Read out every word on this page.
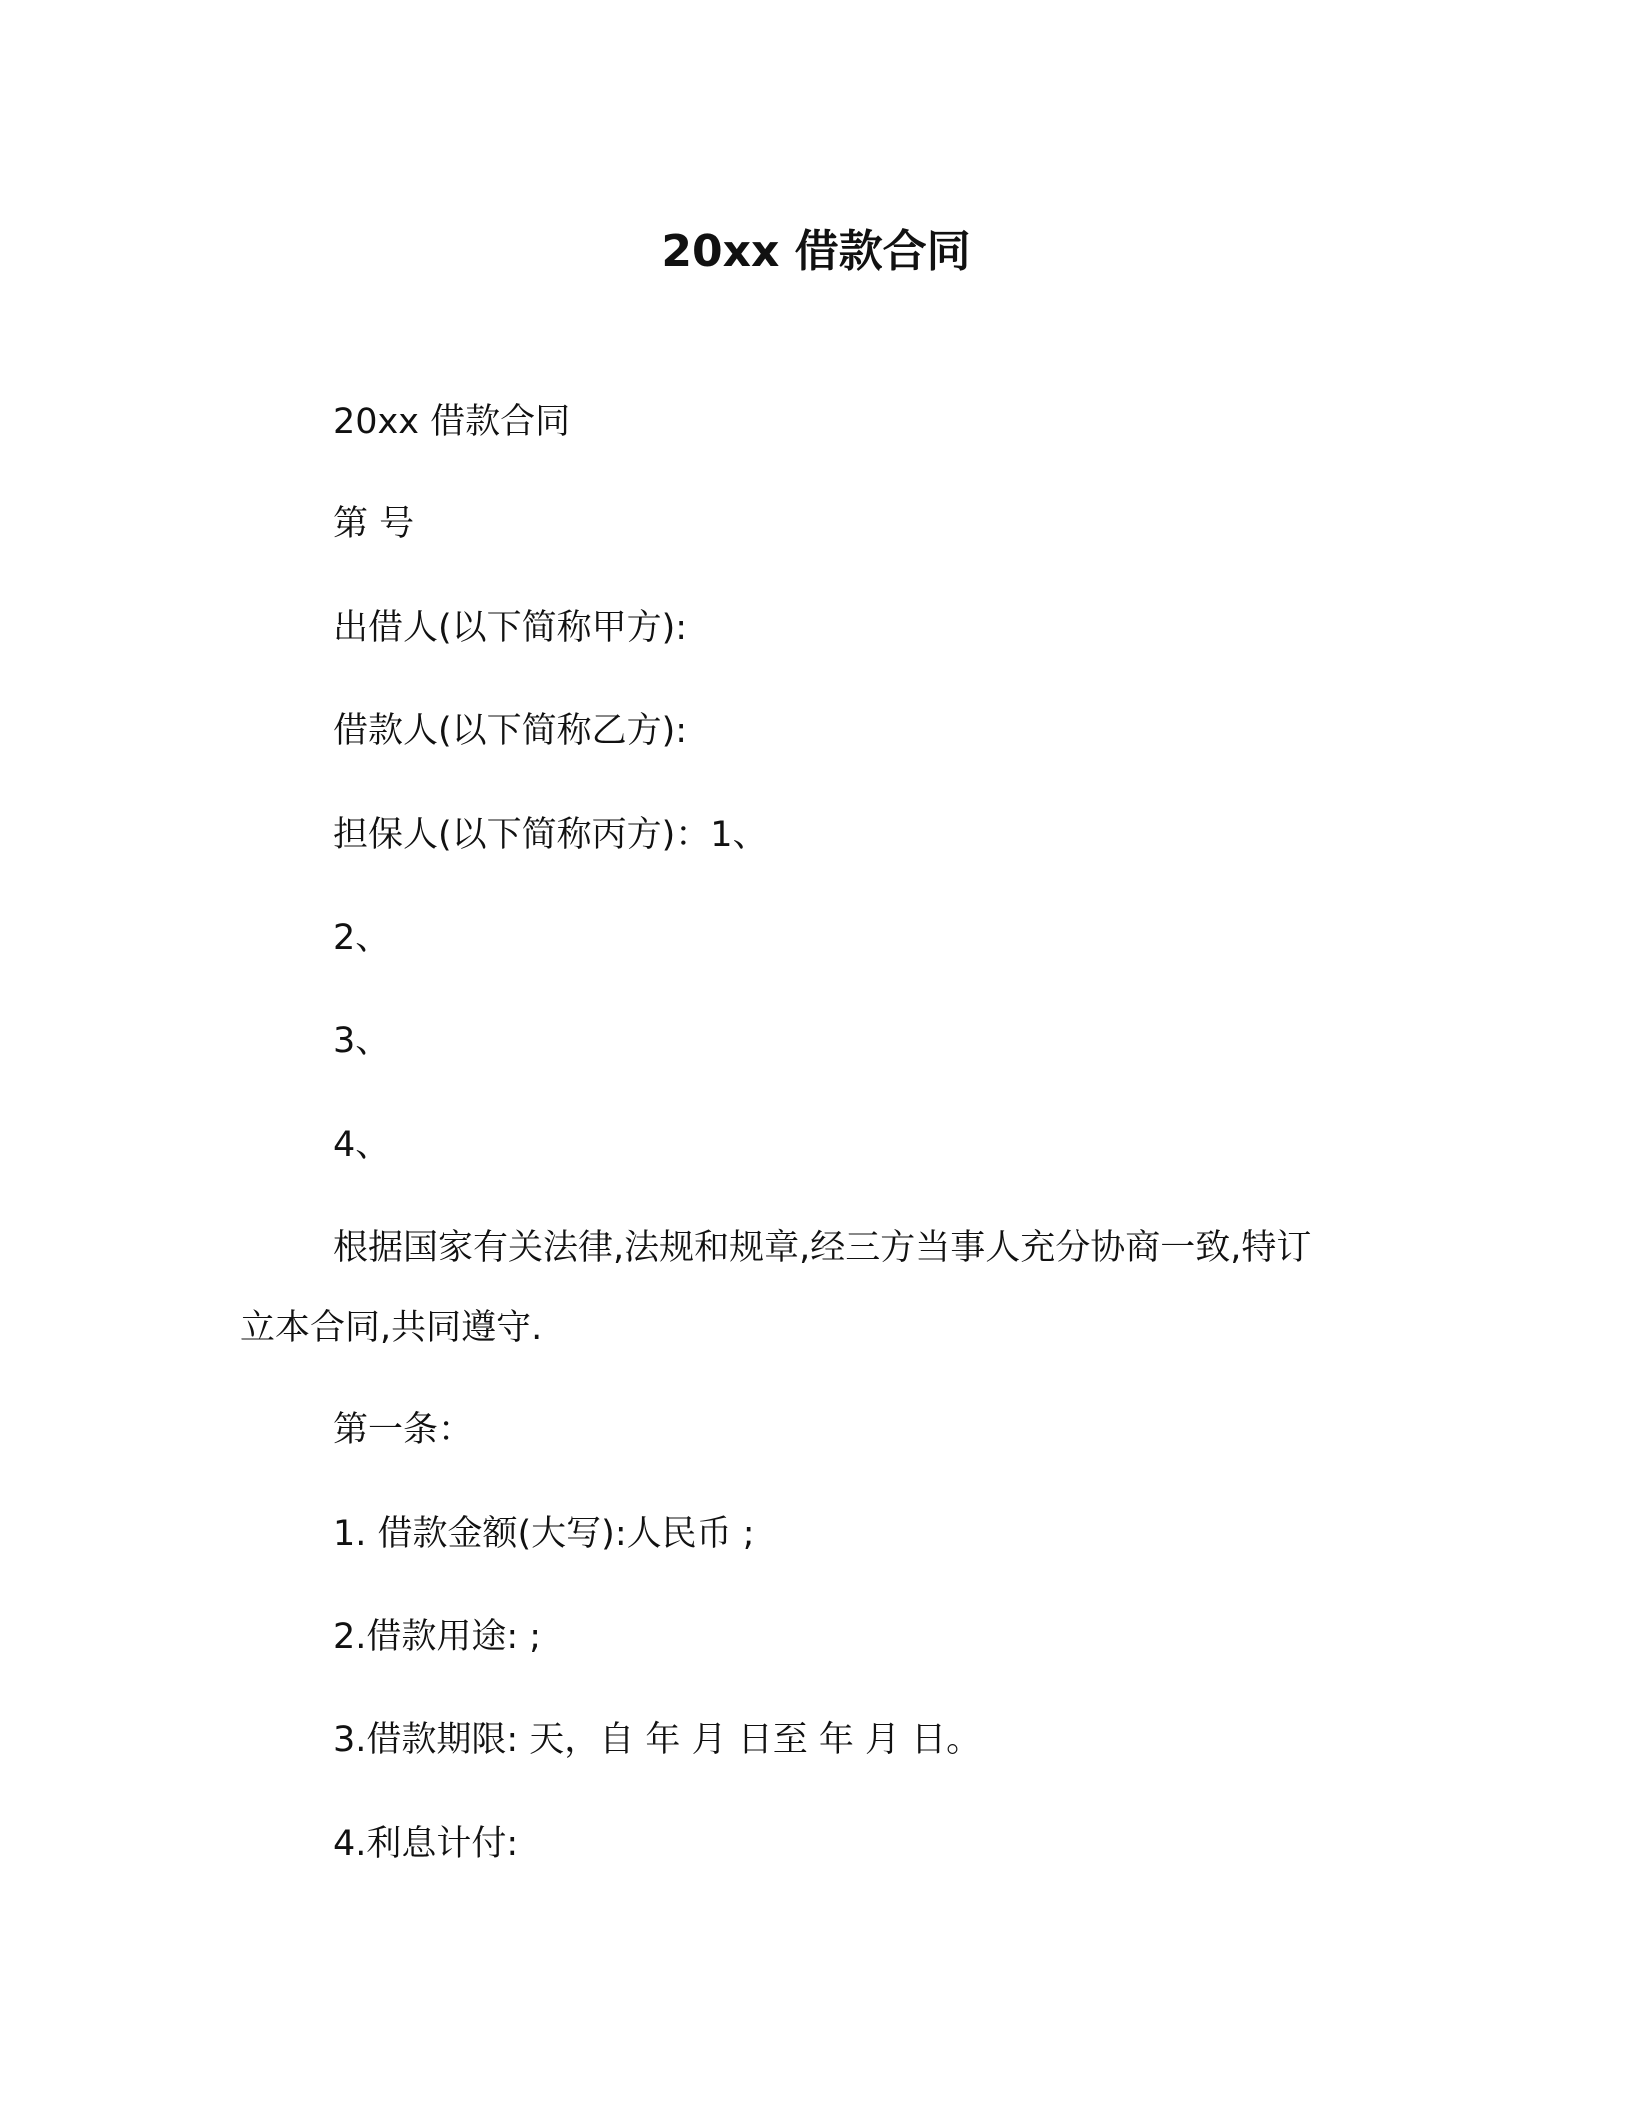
20xx 借款合同

20xx 借款合同

第 号

出借人(以下简称甲方):

借款人(以下简称乙方):

担保人(以下简称丙方)：1、

2、

3、

4、

根据国家有关法律,法规和规章,经三方当事人充分协商一致,特订
立本合同,共同遵守.

第一条：

1. 借款金额(大写):人民币 ;

2.借款用途: ;

3.借款期限: 天，自 年 月 日至 年 月 日。

4.利息计付:
